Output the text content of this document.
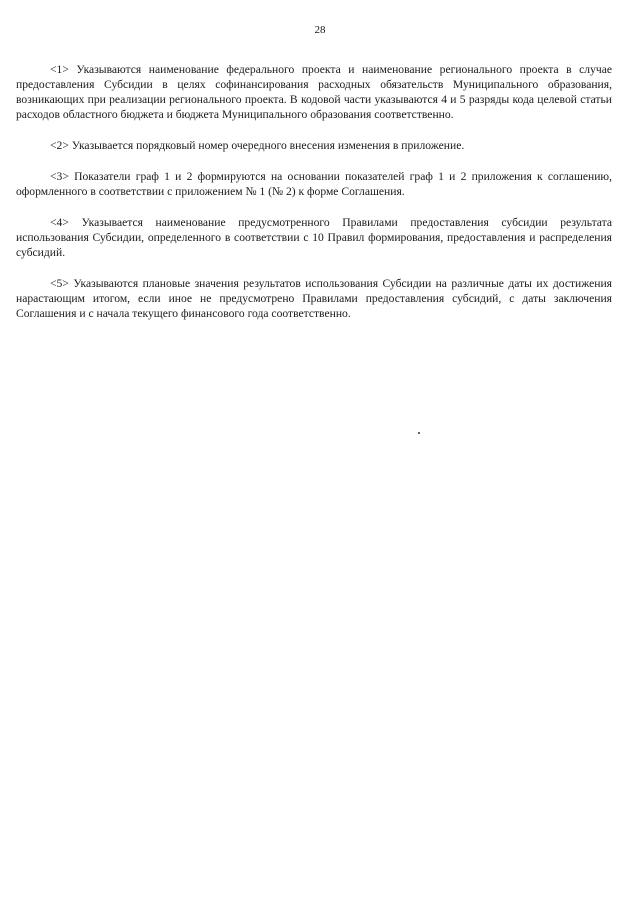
28

<1> Указываются наименование федерального проекта и наименование регионального проекта в случае предоставления Субсидии в целях софинансирования расходных обязательств Муниципального образования, возникающих при реализации регионального проекта. В кодовой части указываются 4 и 5 разряды кода целевой статьи расходов областного бюджета и бюджета Муниципального образования соответственно.

<2> Указывается порядковый номер очередного внесения изменения в приложение.

<3> Показатели граф 1 и 2 формируются на основании показателей граф 1 и 2 приложения к соглашению, оформленного в соответствии с приложением № 1 (№ 2) к форме Соглашения.

<4> Указывается наименование предусмотренного Правилами предоставления субсидии результата использования Субсидии, определенного в соответствии с 10 Правил формирования, предоставления и распределения субсидий.

<5> Указываются плановые значения результатов использования Субсидии на различные даты их достижения нарастающим итогом, если иное не предусмотрено Правилами предоставления субсидий, с даты заключения Соглашения и с начала текущего финансового года соответственно.
